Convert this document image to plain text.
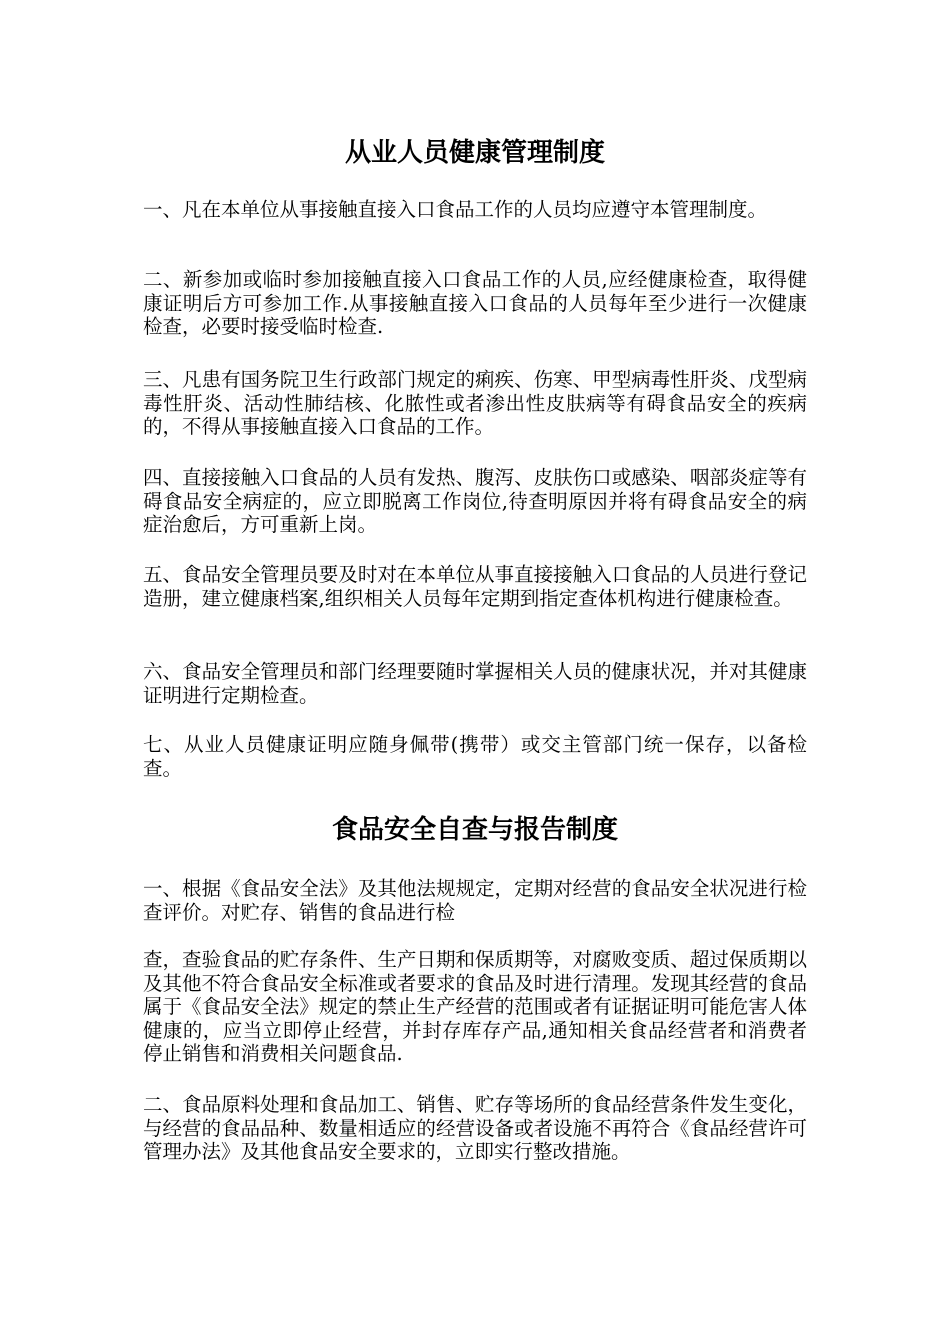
从业人员健康管理制度

一、凡在本单位从事接触直接入口食品工作的人员均应遵守本管理制度。

二、新参加或临时参加接触直接入口食品工作的人员,应经健康检查，取得健康证明后方可参加工作.从事接触直接入口食品的人员每年至少进行一次健康检查，必要时接受临时检查.

三、凡患有国务院卫生行政部门规定的痢疾、伤寒、甲型病毒性肝炎、戊型病毒性肝炎、活动性肺结核、化脓性或者渗出性皮肤病等有碍食品安全的疾病的，不得从事接触直接入口食品的工作。

四、直接接触入口食品的人员有发热、腹泻、皮肤伤口或感染、咽部炎症等有碍食品安全病症的，应立即脱离工作岗位,待查明原因并将有碍食品安全的病症治愈后，方可重新上岗。

五、食品安全管理员要及时对在本单位从事直接接触入口食品的人员进行登记造册，建立健康档案,组织相关人员每年定期到指定查体机构进行健康检查。

六、食品安全管理员和部门经理要随时掌握相关人员的健康状况，并对其健康证明进行定期检查。

七、从业人员健康证明应随身佩带(携带）或交主管部门统一保存，以备检查。

食品安全自查与报告制度

一、根据《食品安全法》及其他法规规定，定期对经营的食品安全状况进行检查评价。对贮存、销售的食品进行检

查，查验食品的贮存条件、生产日期和保质期等，对腐败变质、超过保质期以及其他不符合食品安全标准或者要求的食品及时进行清理。发现其经营的食品属于《食品安全法》规定的禁止生产经营的范围或者有证据证明可能危害人体健康的，应当立即停止经营，并封存库存产品,通知相关食品经营者和消费者停止销售和消费相关问题食品.

二、食品原料处理和食品加工、销售、贮存等场所的食品经营条件发生变化，与经营的食品品种、数量相适应的经营设备或者设施不再符合《食品经营许可管理办法》及其他食品安全要求的，立即实行整改措施。
